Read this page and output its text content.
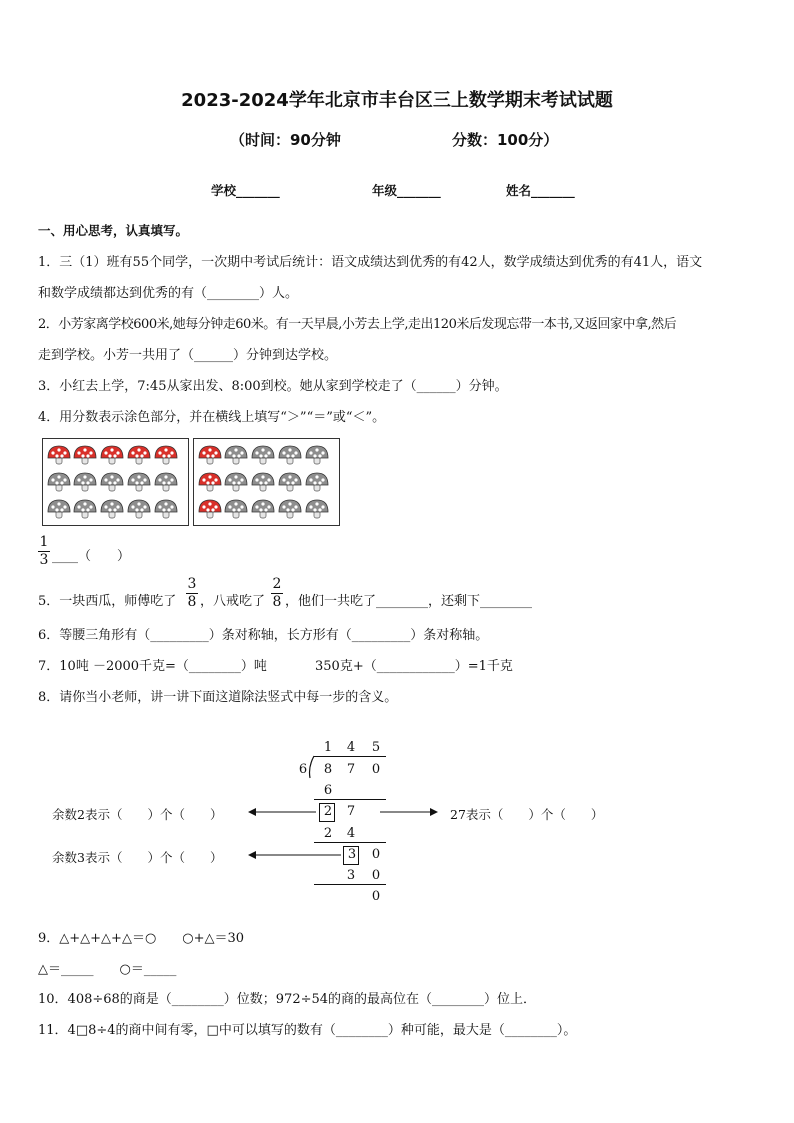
2023-2024学年北京市丰台区三上数学期末考试试题
（时间：90分钟	分数：100分）
学校_______	年级_______	姓名_______
一、用心思考，认真填写。
1．三（1）班有55个同学，一次期中考试后统计：语文成绩达到优秀的有42人，数学成绩达到优秀的有41人，语文
和数学成绩都达到优秀的有（________）人。
2．小芳家离学校600米,她每分钟走60米。有一天早晨,小芳去上学,走出120米后发现忘带一本书,又返回家中拿,然后
走到学校。小芳一共用了（______）分钟到达学校。
3．小红去上学，7:45从家出发、8:00到校。她从家到学校走了（______）分钟。
4．用分数表示涂色部分，并在横线上填写“＞”“＝”或“＜”。
1
3 ____（　　）
5．一块西瓜，师傅吃了
3
8 ，八戒吃了
2
8 ，他们一共吃了________，还剩下________
6．等腰三角形有（_________）条对称轴，长方形有（_________）条对称轴。
7．10吨 －2000千克=（________）吨	350克+（____________）=1千克
8．请你当小老师，讲一讲下面这道除法竖式中每一步的含义。
1 4 5
6 8 7 0
6
2 7
2 4
3 0
3 0
0
余数2表示（　　）个（　　）	27表示（　　）个（　　）
余数3表示（　　）个（　　）
9．△+△+△+△＝○　　○+△＝30
△＝_____　　○＝_____
10．408÷68的商是（________）位数；972÷54的商的最高位在（________）位上．
11．4□8÷4的商中间有零，□中可以填写的数有（________）种可能，最大是（________）。
